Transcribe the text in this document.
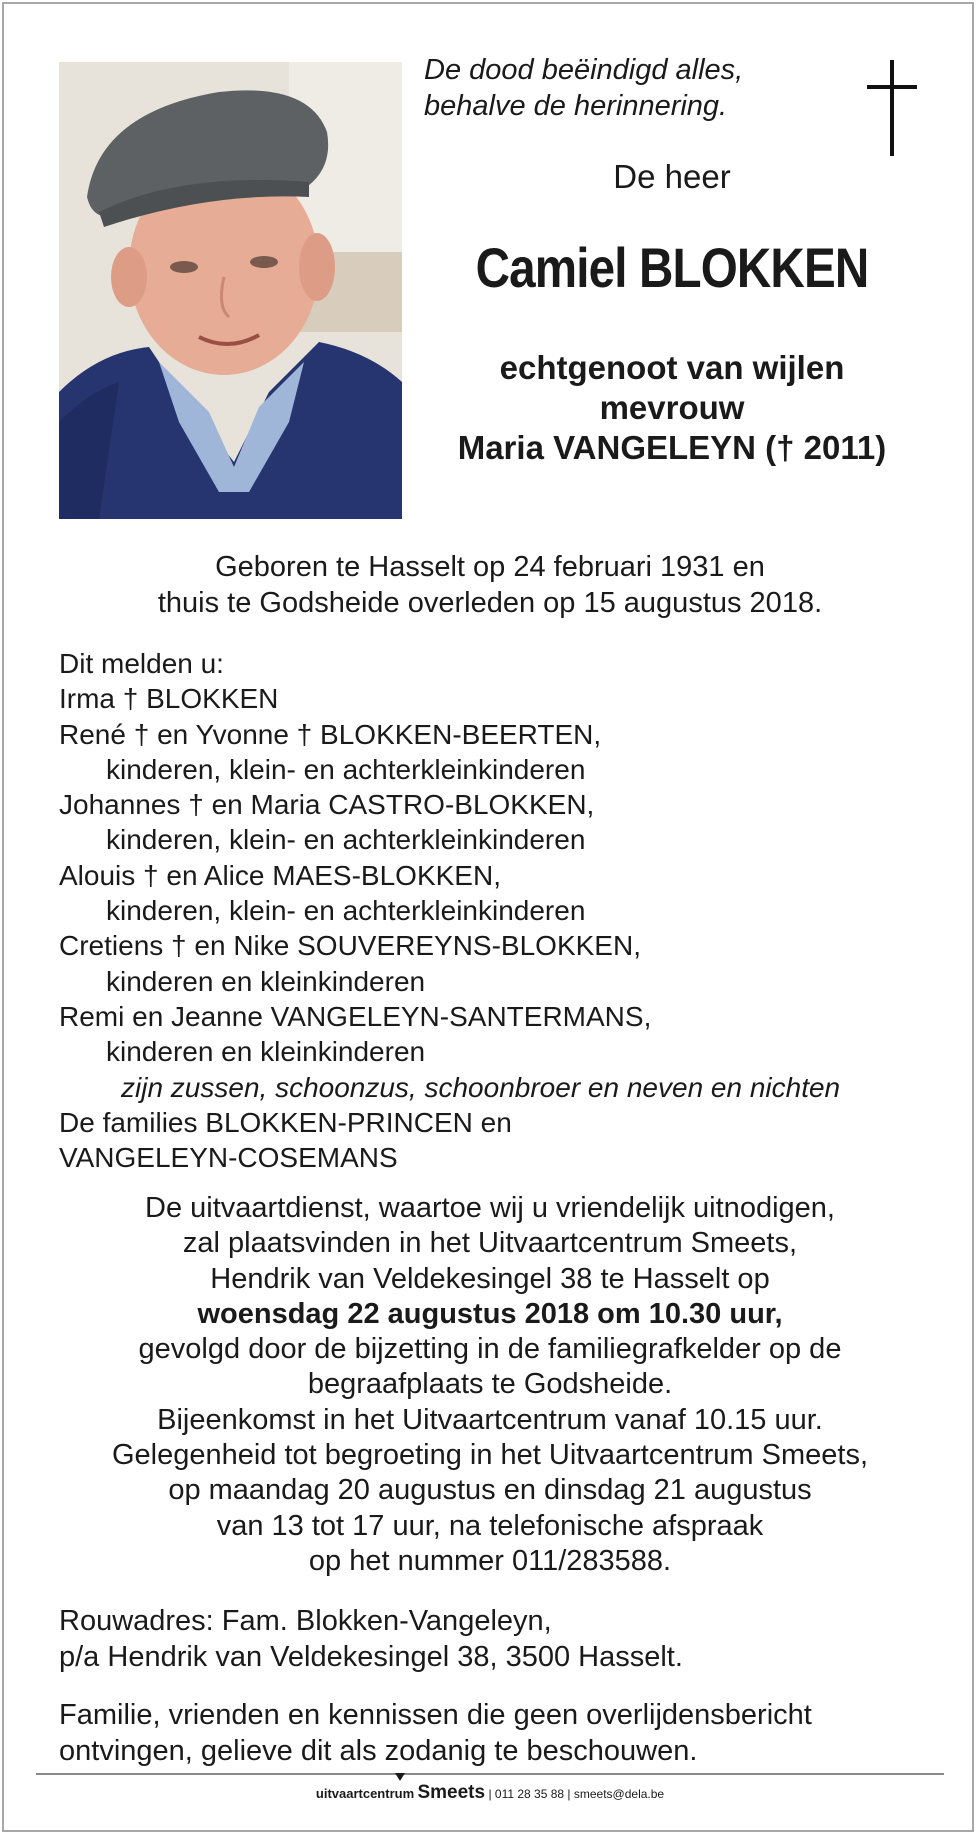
De dood beëindigd alles,
behalve de herinnering.
De heer
Camiel BLOKKEN
echtgenoot van wijlen
mevrouw
Maria VANGELEYN († 2011)
Geboren te Hasselt op 24 februari 1931 en
thuis te Godsheide overleden op 15 augustus 2018.
Dit melden u:
Irma † BLOKKEN
René † en Yvonne † BLOKKEN-BEERTEN,
kinderen, klein- en achterkleinkinderen
Johannes † en Maria CASTRO-BLOKKEN,
kinderen, klein- en achterkleinkinderen
Alouis † en Alice MAES-BLOKKEN,
kinderen, klein- en achterkleinkinderen
Cretiens † en Nike SOUVEREYNS-BLOKKEN,
kinderen en kleinkinderen
Remi en Jeanne VANGELEYN-SANTERMANS,
kinderen en kleinkinderen
zijn zussen, schoonzus, schoonbroer en neven en nichten
De families BLOKKEN-PRINCEN en
VANGELEYN-COSEMANS
De uitvaartdienst, waartoe wij u vriendelijk uitnodigen,
zal plaatsvinden in het Uitvaartcentrum Smeets,
Hendrik van Veldekesingel 38 te Hasselt op
woensdag 22 augustus 2018 om 10.30 uur,
gevolgd door de bijzetting in de familiegrafkelder op de
begraafplaats te Godsheide.
Bijeenkomst in het Uitvaartcentrum vanaf 10.15 uur.
Gelegenheid tot begroeting in het Uitvaartcentrum Smeets,
op maandag 20 augustus en dinsdag 21 augustus
van 13 tot 17 uur, na telefonische afspraak
op het nummer 011/283588.
Rouwadres: Fam. Blokken-Vangeleyn,
p/a Hendrik van Veldekesingel 38, 3500 Hasselt.
Familie, vrienden en kennissen die geen overlijdensbericht
ontvingen, gelieve dit als zodanig te beschouwen.
uitvaartcentrum Smeets | 011 28 35 88 | smeets@dela.be
